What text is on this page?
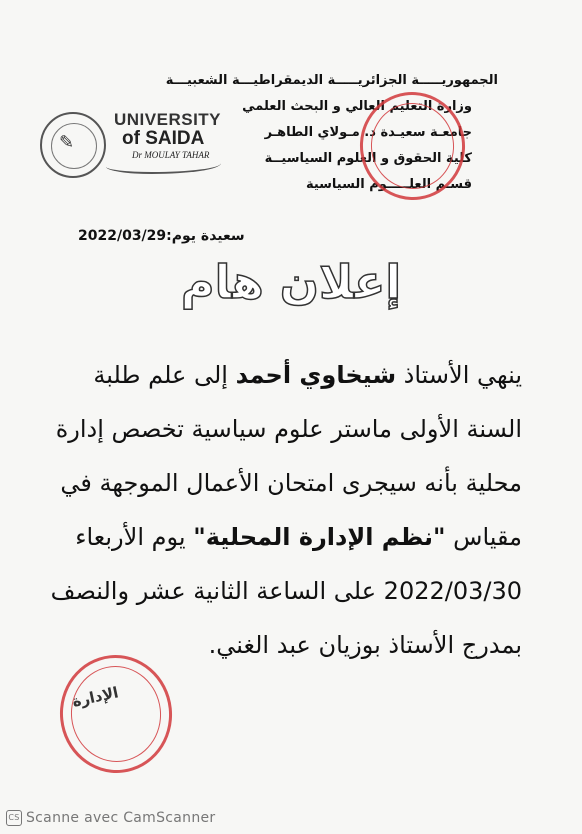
الجمهوريـــــة الجزائريـــــة الديمقراطيـــة الشعبيـــة
وزارة التعليم العالي و البحث العلمي
جامعـة سعيـدة د. مـولاي الطاهـر
كلية الحقوق و العلوم السياسيــة
قسـم العلـــــوم السياسية
✎
UNIVERSITY
of SAIDA
Dr MOULAY TAHAR
سعيدة يوم:2022/03/29
إعلان هام
ينهي الأستاذ شيخاوي أحمد إلى علم طلبة
السنة الأولى ماستر علوم سياسية تخصص إدارة
محلية بأنه سيجرى امتحان الأعمال الموجهة في
مقياس "نظم الإدارة المحلية" يوم الأربعاء
2022/03/30 على الساعة الثانية عشر والنصف
بمدرج الأستاذ بوزيان عبد الغني.
الإدارة
CS Scanne avec CamScanner
